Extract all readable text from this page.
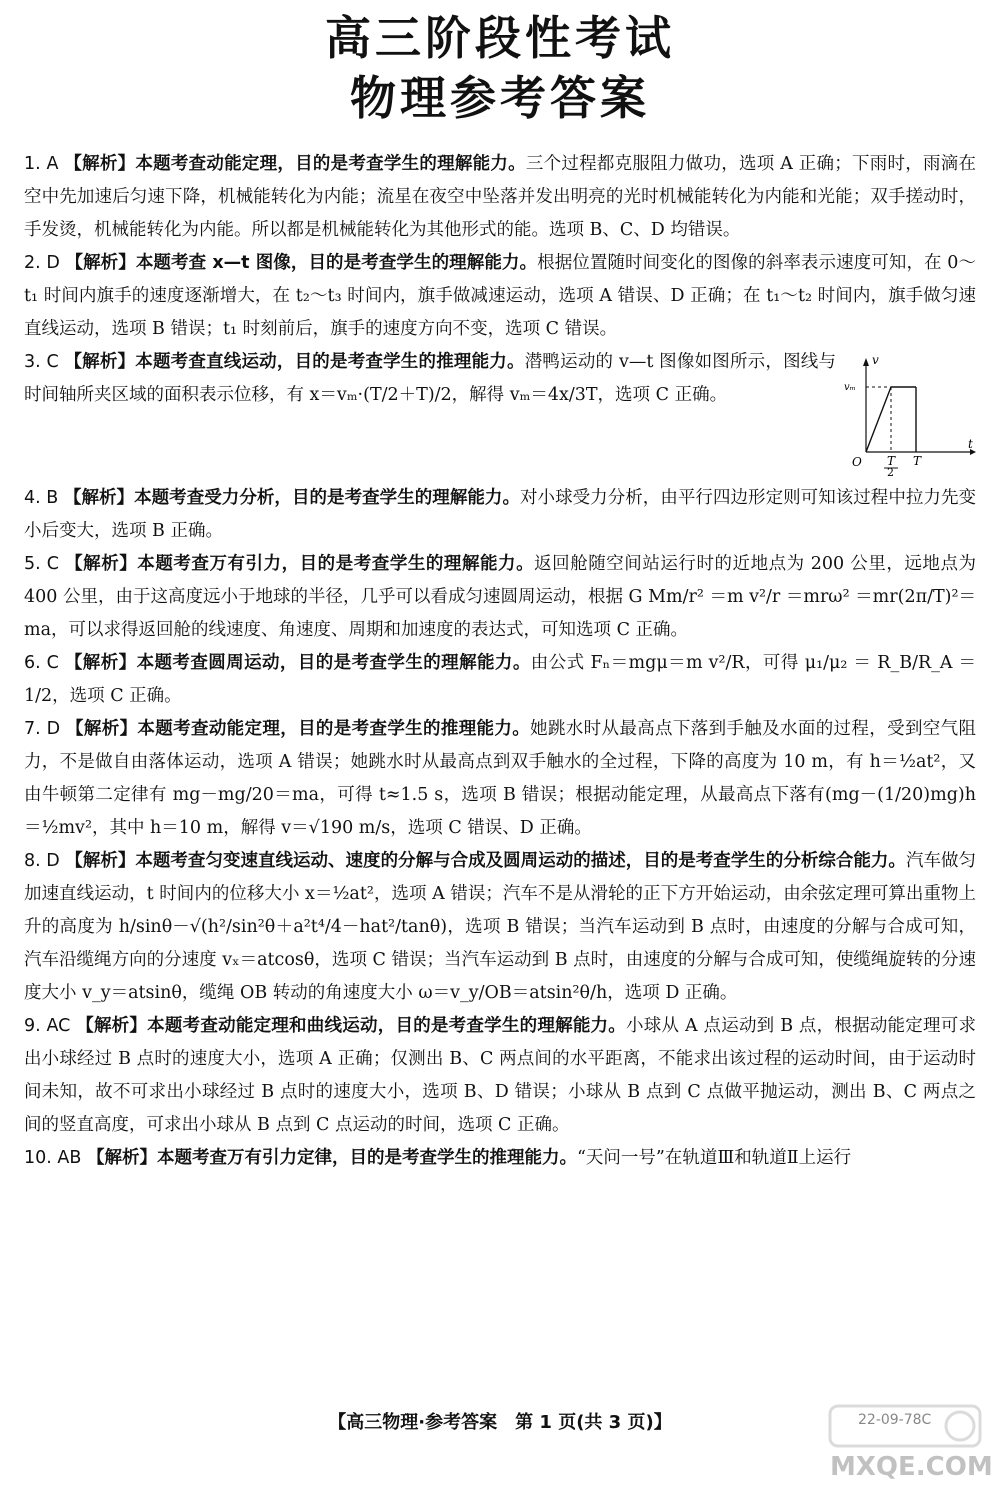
高三阶段性考试
物理参考答案

1. A 【解析】本题考查动能定理，目的是考查学生的理解能力。三个过程都克服阻力做功，选项 A 正确；下雨时，雨滴在空中先加速后匀速下降，机械能转化为内能；流星在夜空中坠落并发出明亮的光时机械能转化为内能和光能；双手搓动时，手发烫，机械能转化为内能。所以都是机械能转化为其他形式的能。选项 B、C、D 均错误。

2. D 【解析】本题考查 x—t 图像，目的是考查学生的理解能力。根据位置随时间变化的图像的斜率表示速度可知，在 0～t₁ 时间内旗手的速度逐渐增大，在 t₂～t₃ 时间内，旗手做减速运动，选项 A 错误、D 正确；在 t₁～t₂ 时间内，旗手做匀速直线运动，选项 B 错误；t₁ 时刻前后，旗手的速度方向不变，选项 C 错误。

3. C 【解析】本题考查直线运动，目的是考查学生的推理能力。潜鸭运动的 v—t 图像如图所示，图线与时间轴所夹区域的面积表示位移，有 x＝vₘ·(T/2＋T)/2，解得 vₘ＝4x/3T，选项 C 正确。
v
t
O
vₘ
T
2
T

4. B 【解析】本题考查受力分析，目的是考查学生的理解能力。对小球受力分析，由平行四边形定则可知该过程中拉力先变小后变大，选项 B 正确。

5. C 【解析】本题考查万有引力，目的是考查学生的理解能力。返回舱随空间站运行时的近地点为 200 公里，远地点为 400 公里，由于这高度远小于地球的半径，几乎可以看成匀速圆周运动，根据 G Mm/r² ＝m v²/r ＝mrω² ＝mr(2π/T)²＝ma，可以求得返回舱的线速度、角速度、周期和加速度的表达式，可知选项 C 正确。

6. C 【解析】本题考查圆周运动，目的是考查学生的理解能力。由公式 Fₙ＝mgμ＝m v²/R，可得 μ₁/μ₂ ＝ R_B/R_A ＝ 1/2，选项 C 正确。

7. D 【解析】本题考查动能定理，目的是考查学生的推理能力。她跳水时从最高点下落到手触及水面的过程，受到空气阻力，不是做自由落体运动，选项 A 错误；她跳水时从最高点到双手触水的全过程，下降的高度为 10 m，有 h＝½at²，又由牛顿第二定律有 mg－mg/20＝ma，可得 t≈1.5 s，选项 B 错误；根据动能定理，从最高点下落有(mg－(1/20)mg)h＝½mv²，其中 h＝10 m，解得 v＝√190 m/s，选项 C 错误、D 正确。

8. D 【解析】本题考查匀变速直线运动、速度的分解与合成及圆周运动的描述，目的是考查学生的分析综合能力。汽车做匀加速直线运动，t 时间内的位移大小 x＝½at²，选项 A 错误；汽车不是从滑轮的正下方开始运动，由余弦定理可算出重物上升的高度为 h/sinθ－√(h²/sin²θ＋a²t⁴/4－hat²/tanθ)，选项 B 错误；当汽车运动到 B 点时，由速度的分解与合成可知，汽车沿缆绳方向的分速度 vₓ＝atcosθ，选项 C 错误；当汽车运动到 B 点时，由速度的分解与合成可知，使缆绳旋转的分速度大小 v_y＝atsinθ，缆绳 OB 转动的角速度大小 ω＝v_y/OB＝atsin²θ/h，选项 D 正确。

9. AC 【解析】本题考查动能定理和曲线运动，目的是考查学生的理解能力。小球从 A 点运动到 B 点，根据动能定理可求出小球经过 B 点时的速度大小，选项 A 正确；仅测出 B、C 两点间的水平距离，不能求出该过程的运动时间，由于运动时间未知，故不可求出小球经过 B 点时的速度大小，选项 B、D 错误；小球从 B 点到 C 点做平抛运动，测出 B、C 两点之间的竖直高度，可求出小球从 B 点到 C 点运动的时间，选项 C 正确。

10. AB 【解析】本题考查万有引力定律，目的是考查学生的推理能力。“天问一号”在轨道Ⅲ和轨道Ⅱ上运行

【高三物理·参考答案　第 1 页(共 3 页)】	22-09-78C
MXQE.COM
